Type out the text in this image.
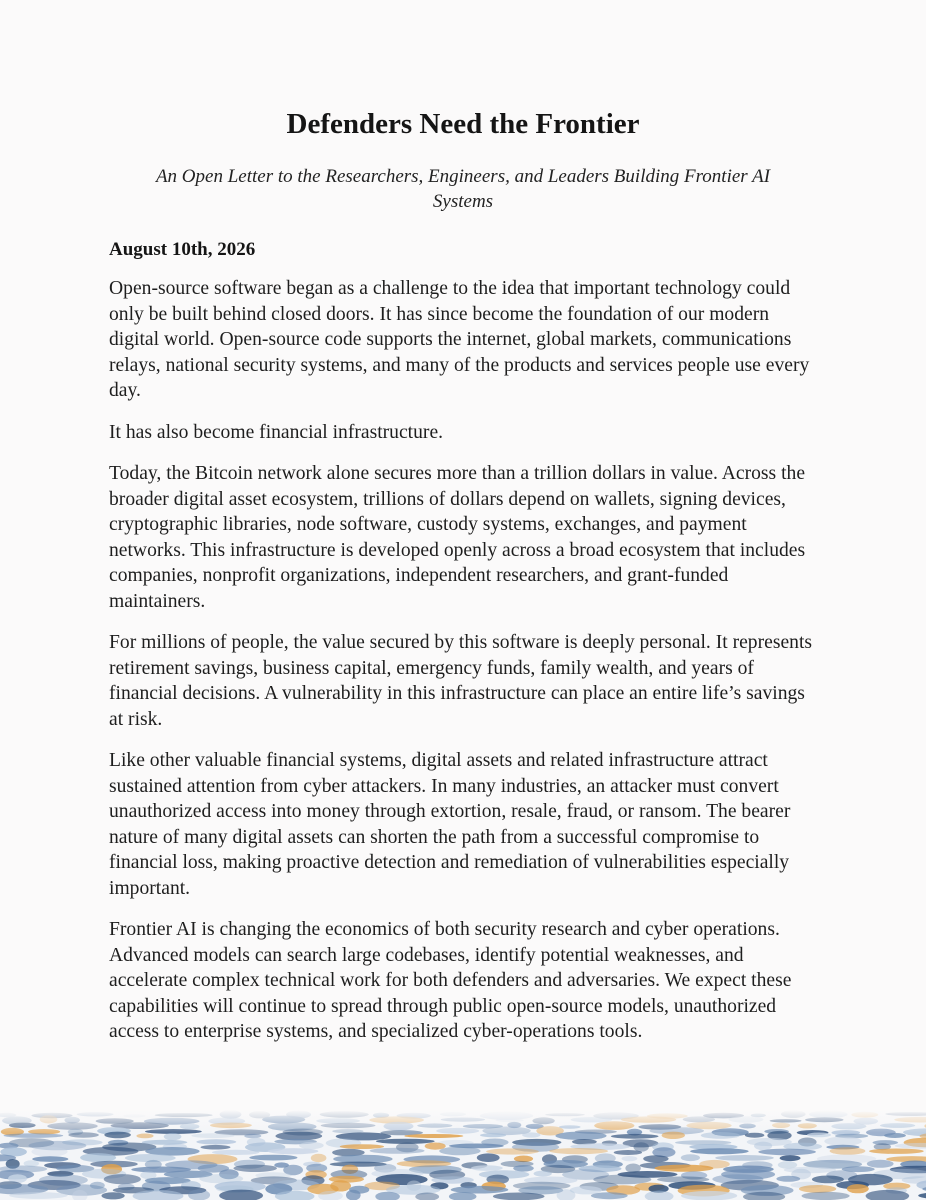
Defenders Need the Frontier
An Open Letter to the Researchers, Engineers, and Leaders Building Frontier AI Systems
August 10th, 2026

Open-source software began as a challenge to the idea that important technology could only be built behind closed doors. It has since become the foundation of our modern digital world. Open-source code supports the internet, global markets, communications relays, national security systems, and many of the products and services people use every day.

It has also become financial infrastructure.

Today, the Bitcoin network alone secures more than a trillion dollars in value. Across the broader digital asset ecosystem, trillions of dollars depend on wallets, signing devices, cryptographic libraries, node software, custody systems, exchanges, and payment networks. This infrastructure is developed openly across a broad ecosystem that includes companies, nonprofit organizations, independent researchers, and grant-funded maintainers.

For millions of people, the value secured by this software is deeply personal. It represents retirement savings, business capital, emergency funds, family wealth, and years of financial decisions. A vulnerability in this infrastructure can place an entire life’s savings at risk.

Like other valuable financial systems, digital assets and related infrastructure attract sustained attention from cyber attackers. In many industries, an attacker must convert unauthorized access into money through extortion, resale, fraud, or ransom. The bearer nature of many digital assets can shorten the path from a successful compromise to financial loss, making proactive detection and remediation of vulnerabilities especially important.

Frontier AI is changing the economics of both security research and cyber operations. Advanced models can search large codebases, identify potential weaknesses, and accelerate complex technical work for both defenders and adversaries. We expect these capabilities will continue to spread through public open-source models, unauthorized access to enterprise systems, and specialized cyber-operations tools.
